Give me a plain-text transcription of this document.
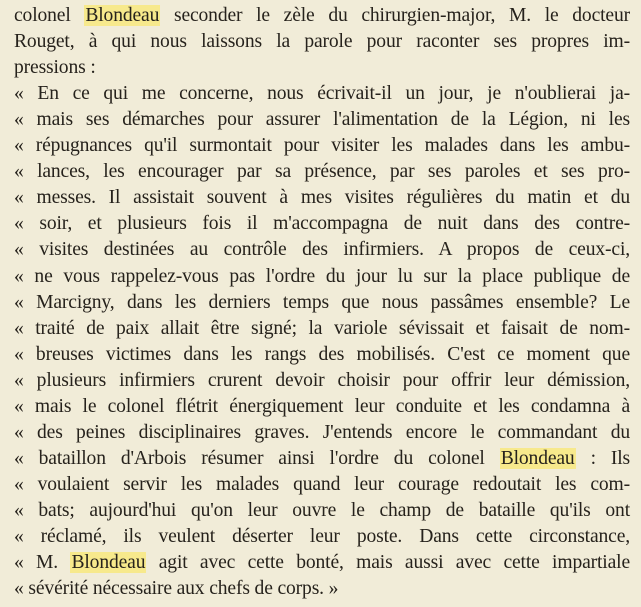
colonel Blondeau seconder le zèle du chirurgien-major, M. le docteur
Rouget, à qui nous laissons la parole pour raconter ses propres im-
pressions :
« En ce qui me concerne, nous écrivait-il un jour, je n'oublierai ja-
« mais ses démarches pour assurer l'alimentation de la Légion, ni les
« répugnances qu'il surmontait pour visiter les malades dans les ambu-
« lances, les encourager par sa présence, par ses paroles et ses pro-
« messes. Il assistait souvent à mes visites régulières du matin et du
« soir, et plusieurs fois il m'accompagna de nuit dans des contre-
« visites destinées au contrôle des infirmiers. A propos de ceux-ci,
« ne vous rappelez-vous pas l'ordre du jour lu sur la place publique de
« Marcigny, dans les derniers temps que nous passâmes ensemble? Le
« traité de paix allait être signé; la variole sévissait et faisait de nom-
« breuses victimes dans les rangs des mobilisés. C'est ce moment que
« plusieurs infirmiers crurent devoir choisir pour offrir leur démission,
« mais le colonel flétrit énergiquement leur conduite et les condamna à
« des peines disciplinaires graves. J'entends encore le commandant du
« bataillon d'Arbois résumer ainsi l'ordre du colonel Blondeau : Ils
« voulaient servir les malades quand leur courage redoutait les com-
« bats; aujourd'hui qu'on leur ouvre le champ de bataille qu'ils ont
« réclamé, ils veulent déserter leur poste. Dans cette circonstance,
« M. Blondeau agit avec cette bonté, mais aussi avec cette impartiale
« sévérité nécessaire aux chefs de corps. »
